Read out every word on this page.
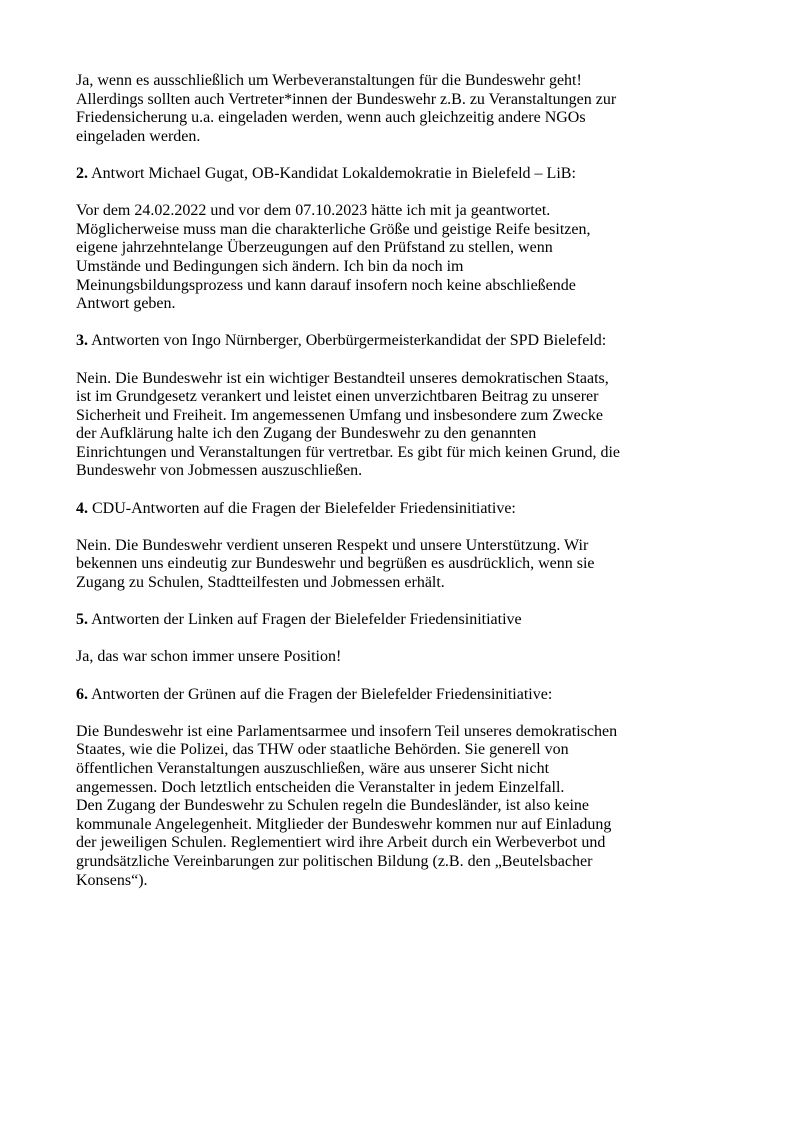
Ja, wenn es ausschließlich um Werbeveranstaltungen für die Bundeswehr geht!

Allerdings sollten auch Vertreter*innen der Bundeswehr z.B. zu Veranstaltungen zur

Friedensicherung u.a. eingeladen werden, wenn auch gleichzeitig andere NGOs

eingeladen werden.

2. Antwort Michael Gugat, OB-Kandidat Lokaldemokratie in Bielefeld – LiB:

Vor dem 24.02.2022 und vor dem 07.10.2023 hätte ich mit ja geantwortet.

Möglicherweise muss man die charakterliche Größe und geistige Reife besitzen,

eigene jahrzehntelange Überzeugungen auf den Prüfstand zu stellen, wenn

Umstände und Bedingungen sich ändern. Ich bin da noch im

Meinungsbildungsprozess und kann darauf insofern noch keine abschließende

Antwort geben.

3. Antworten von Ingo Nürnberger, Oberbürgermeisterkandidat der SPD Bielefeld:

Nein. Die Bundeswehr ist ein wichtiger Bestandteil unseres demokratischen Staats,

ist im Grundgesetz verankert und leistet einen unverzichtbaren Beitrag zu unserer

Sicherheit und Freiheit. Im angemessenen Umfang und insbesondere zum Zwecke

der Aufklärung halte ich den Zugang der Bundeswehr zu den genannten

Einrichtungen und Veranstaltungen für vertretbar. Es gibt für mich keinen Grund, die

Bundeswehr von Jobmessen auszuschließen.

4. CDU-Antworten auf die Fragen der Bielefelder Friedensinitiative:

Nein. Die Bundeswehr verdient unseren Respekt und unsere Unterstützung. Wir

bekennen uns eindeutig zur Bundeswehr und begrüßen es ausdrücklich, wenn sie

Zugang zu Schulen, Stadtteilfesten und Jobmessen erhält.

5. Antworten der Linken auf Fragen der Bielefelder Friedensinitiative

Ja, das war schon immer unsere Position!

6. Antworten der Grünen auf die Fragen der Bielefelder Friedensinitiative:

Die Bundeswehr ist eine Parlamentsarmee und insofern Teil unseres demokratischen

Staates, wie die Polizei, das THW oder staatliche Behörden. Sie generell von

öffentlichen Veranstaltungen auszuschließen, wäre aus unserer Sicht nicht

angemessen. Doch letztlich entscheiden die Veranstalter in jedem Einzelfall.

Den Zugang der Bundeswehr zu Schulen regeln die Bundesländer, ist also keine

kommunale Angelegenheit. Mitglieder der Bundeswehr kommen nur auf Einladung

der jeweiligen Schulen. Reglementiert wird ihre Arbeit durch ein Werbeverbot und

grundsätzliche Vereinbarungen zur politischen Bildung (z.B. den „Beutelsbacher

Konsens“).
